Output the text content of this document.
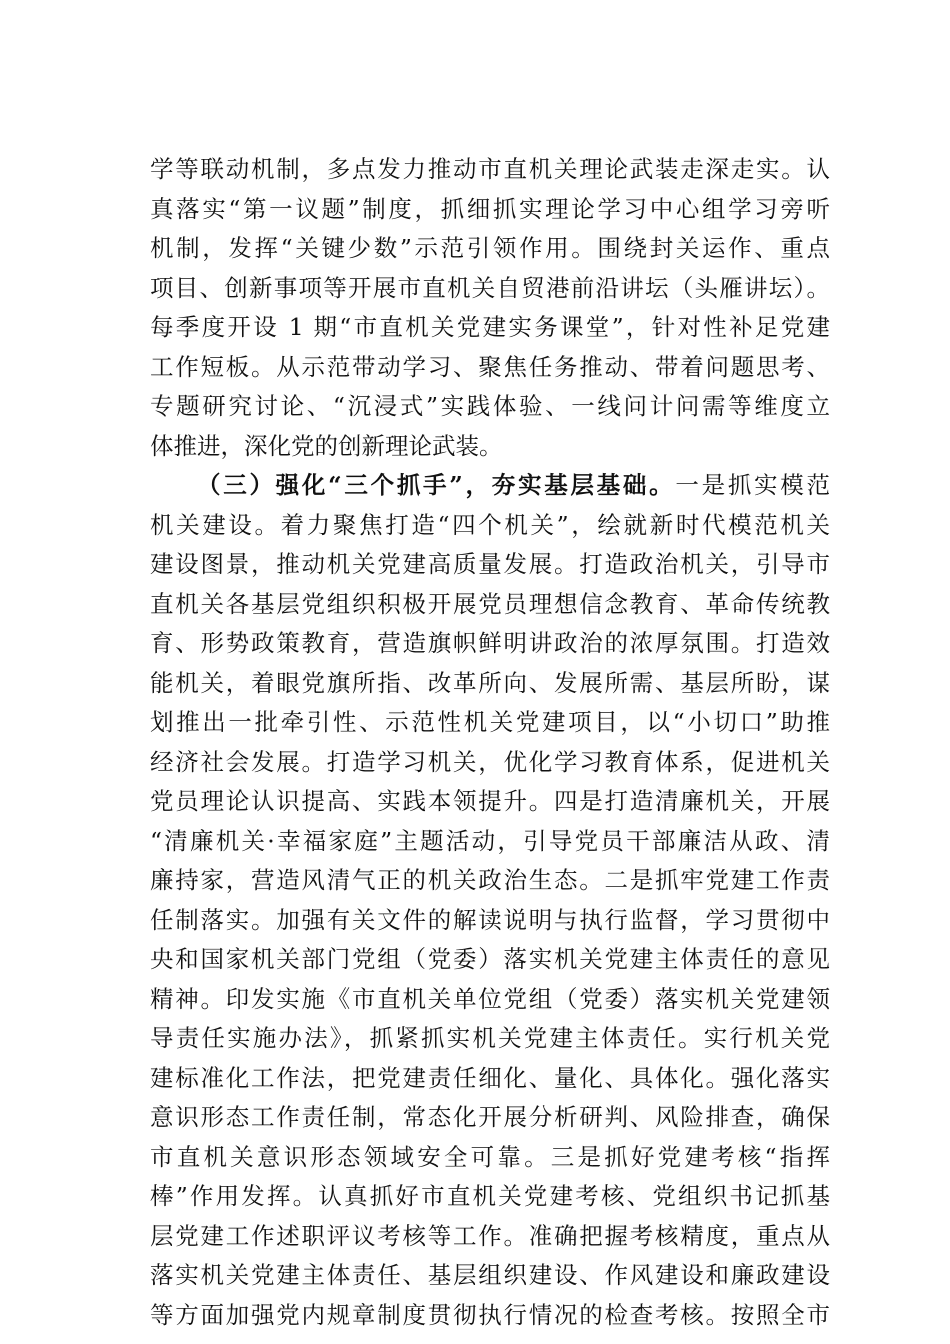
学等联动机制，多点发力推动市直机关理论武装走深走实。认
真落实“第一议题”制度，抓细抓实理论学习中心组学习旁听
机制，发挥“关键少数”示范引领作用。围绕封关运作、重点
项目、创新事项等开展市直机关自贸港前沿讲坛（头雁讲坛）。
每季度开设 1 期“市直机关党建实务课堂”，针对性补足党建
工作短板。从示范带动学习、聚焦任务推动、带着问题思考、
专题研究讨论、“沉浸式”实践体验、一线问计问需等维度立
体推进，深化党的创新理论武装。
（三）强化“三个抓手”，夯实基层基础。一是抓实模范
机关建设。着力聚焦打造“四个机关”，绘就新时代模范机关
建设图景，推动机关党建高质量发展。打造政治机关，引导市
直机关各基层党组织积极开展党员理想信念教育、革命传统教
育、形势政策教育，营造旗帜鲜明讲政治的浓厚氛围。打造效
能机关，着眼党旗所指、改革所向、发展所需、基层所盼，谋
划推出一批牵引性、示范性机关党建项目，以“小切口”助推
经济社会发展。打造学习机关，优化学习教育体系，促进机关
党员理论认识提高、实践本领提升。四是打造清廉机关，开展
“清廉机关·幸福家庭”主题活动，引导党员干部廉洁从政、清
廉持家，营造风清气正的机关政治生态。二是抓牢党建工作责
任制落实。加强有关文件的解读说明与执行监督，学习贯彻中
央和国家机关部门党组（党委）落实机关党建主体责任的意见
精神。印发实施《市直机关单位党组（党委）落实机关党建领
导责任实施办法》，抓紧抓实机关党建主体责任。实行机关党
建标准化工作法，把党建责任细化、量化、具体化。强化落实
意识形态工作责任制，常态化开展分析研判、风险排查，确保
市直机关意识形态领域安全可靠。三是抓好党建考核“指挥
棒”作用发挥。认真抓好市直机关党建考核、党组织书记抓基
层党建工作述职评议考核等工作。准确把握考核精度，重点从
落实机关党建主体责任、基层组织建设、作风建设和廉政建设
等方面加强党内规章制度贯彻执行情况的检查考核。按照全市
